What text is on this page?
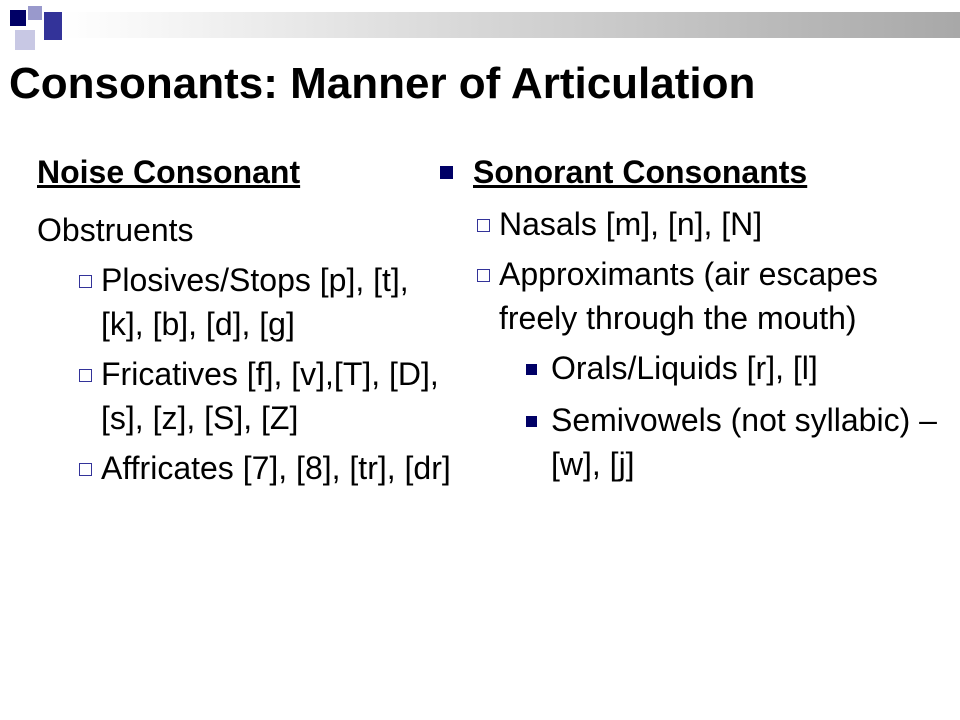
Consonants: Manner of Articulation
Noise Consonant
Obstruents
Plosives/Stops [p], [t], [k], [b], [d], [g]
Fricatives [f], [v],[T], [D], [s], [z], [S], [Z]
Affricates [7], [8], [tr], [dr]
Sonorant Consonants
Nasals [m], [n], [N]
Approximants (air escapes freely through the mouth)
Orals/Liquids [r], [l]
Semivowels (not syllabic) – [w], [j]
